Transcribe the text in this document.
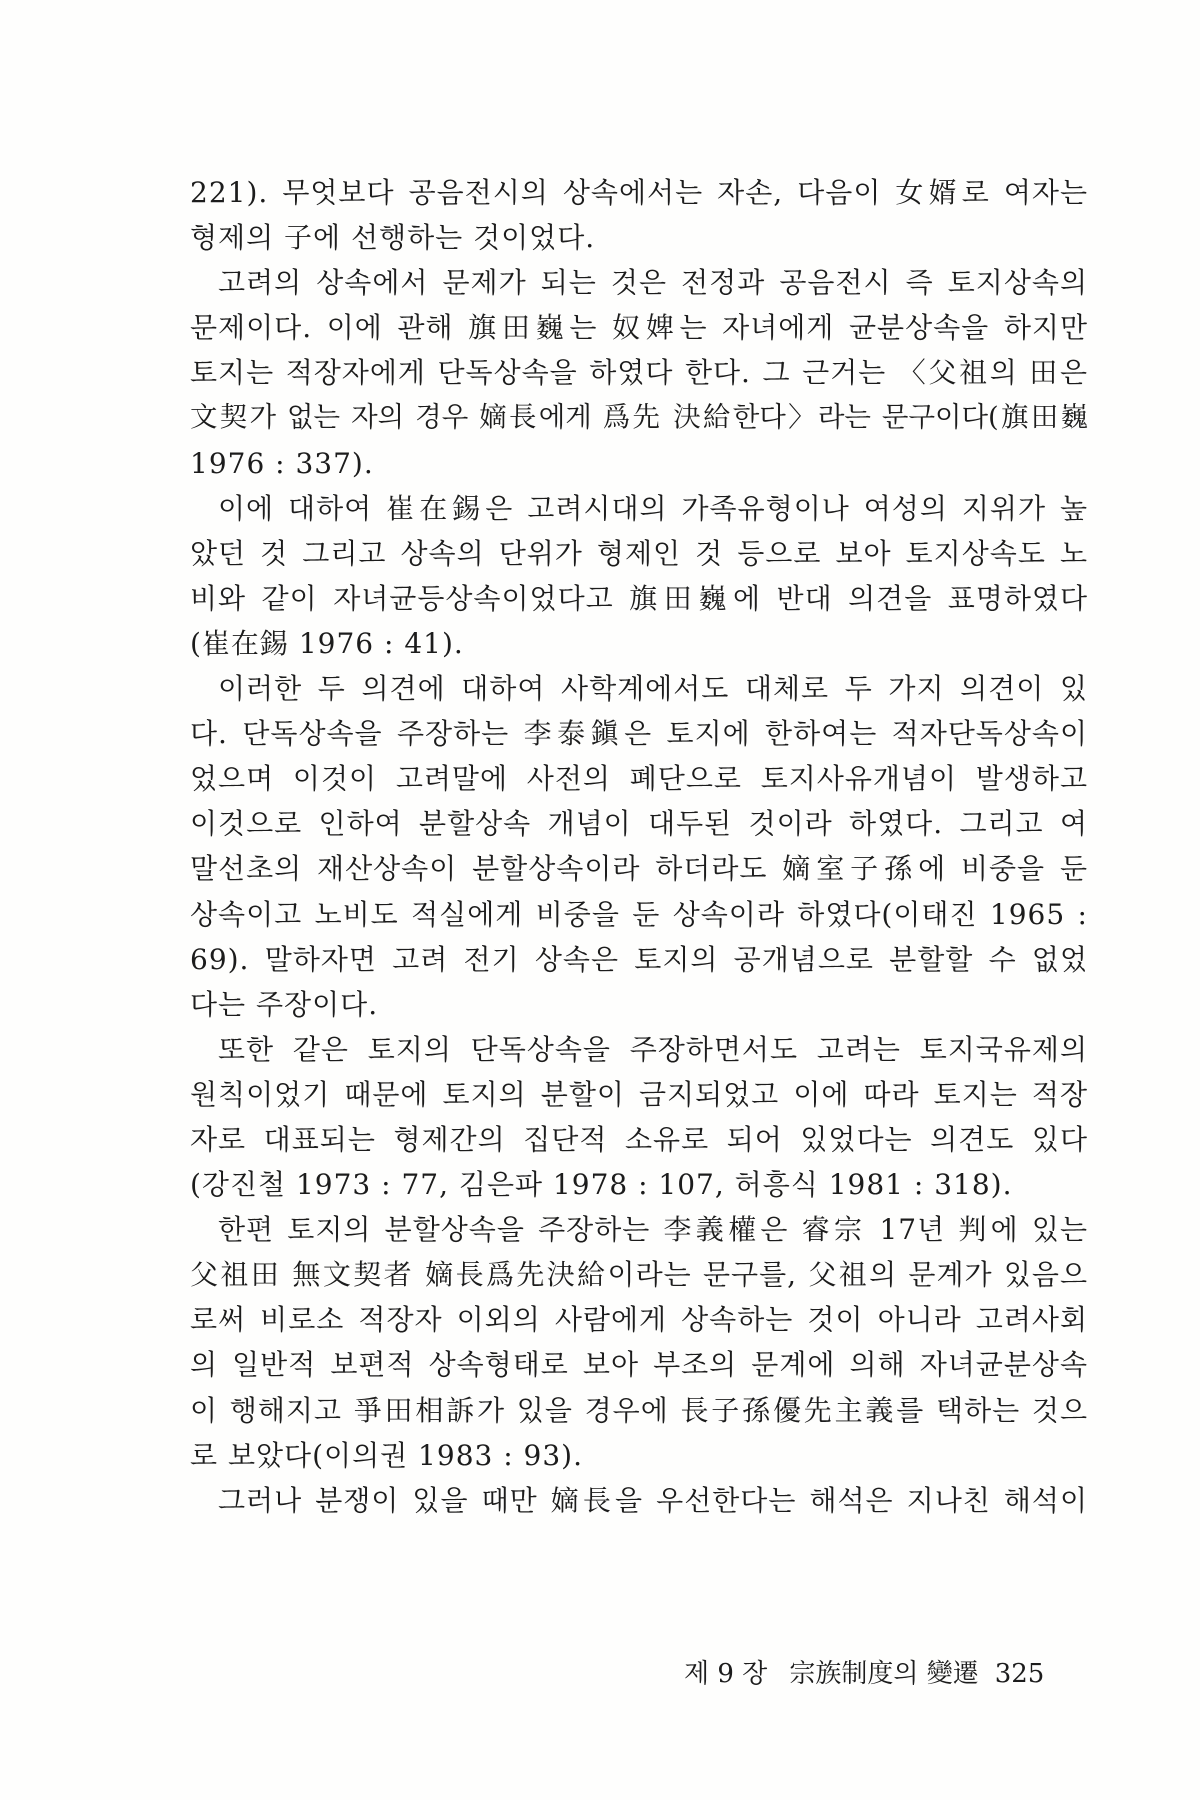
221). 무엇보다 공음전시의 상속에서는 자손, 다음이 女婿로 여자는
형제의 子에 선행하는 것이었다.
고려의 상속에서 문제가 되는 것은 전정과 공음전시 즉 토지상속의
문제이다. 이에 관해 旗田巍는 奴婢는 자녀에게 균분상속을 하지만
토지는 적장자에게 단독상속을 하였다 한다. 그 근거는 〈父祖의 田은
文契가 없는 자의 경우 嫡長에게 爲先 決給한다〉라는 문구이다(旗田巍
1976 : 337).
이에 대하여 崔在錫은 고려시대의 가족유형이나 여성의 지위가 높
았던 것 그리고 상속의 단위가 형제인 것 등으로 보아 토지상속도 노
비와 같이 자녀균등상속이었다고 旗田巍에 반대 의견을 표명하였다
(崔在錫 1976 : 41).
이러한 두 의견에 대하여 사학계에서도 대체로 두 가지 의견이 있
다. 단독상속을 주장하는 李泰鎭은 토지에 한하여는 적자단독상속이
었으며 이것이 고려말에 사전의 폐단으로 토지사유개념이 발생하고
이것으로 인하여 분할상속 개념이 대두된 것이라 하였다. 그리고 여
말선초의 재산상속이 분할상속이라 하더라도 嫡室子孫에 비중을 둔
상속이고 노비도 적실에게 비중을 둔 상속이라 하였다(이태진 1965 :
69). 말하자면 고려 전기 상속은 토지의 공개념으로 분할할 수 없었
다는 주장이다.
또한 같은 토지의 단독상속을 주장하면서도 고려는 토지국유제의
원칙이었기 때문에 토지의 분할이 금지되었고 이에 따라 토지는 적장
자로 대표되는 형제간의 집단적 소유로 되어 있었다는 의견도 있다
(강진철 1973 : 77, 김은파 1978 : 107, 허흥식 1981 : 318).
한편 토지의 분할상속을 주장하는 李義權은 睿宗 17년 判에 있는
父祖田 無文契者 嫡長爲先決給이라는 문구를, 父祖의 문계가 있음으
로써 비로소 적장자 이외의 사람에게 상속하는 것이 아니라 고려사회
의 일반적 보편적 상속형태로 보아 부조의 문계에 의해 자녀균분상속
이 행해지고 爭田相訴가 있을 경우에 長子孫優先主義를 택하는 것으
로 보았다(이의권 1983 : 93).
그러나 분쟁이 있을 때만 嫡長을 우선한다는 해석은 지나친 해석이
제 9 장 宗族制度의 變遷 325
